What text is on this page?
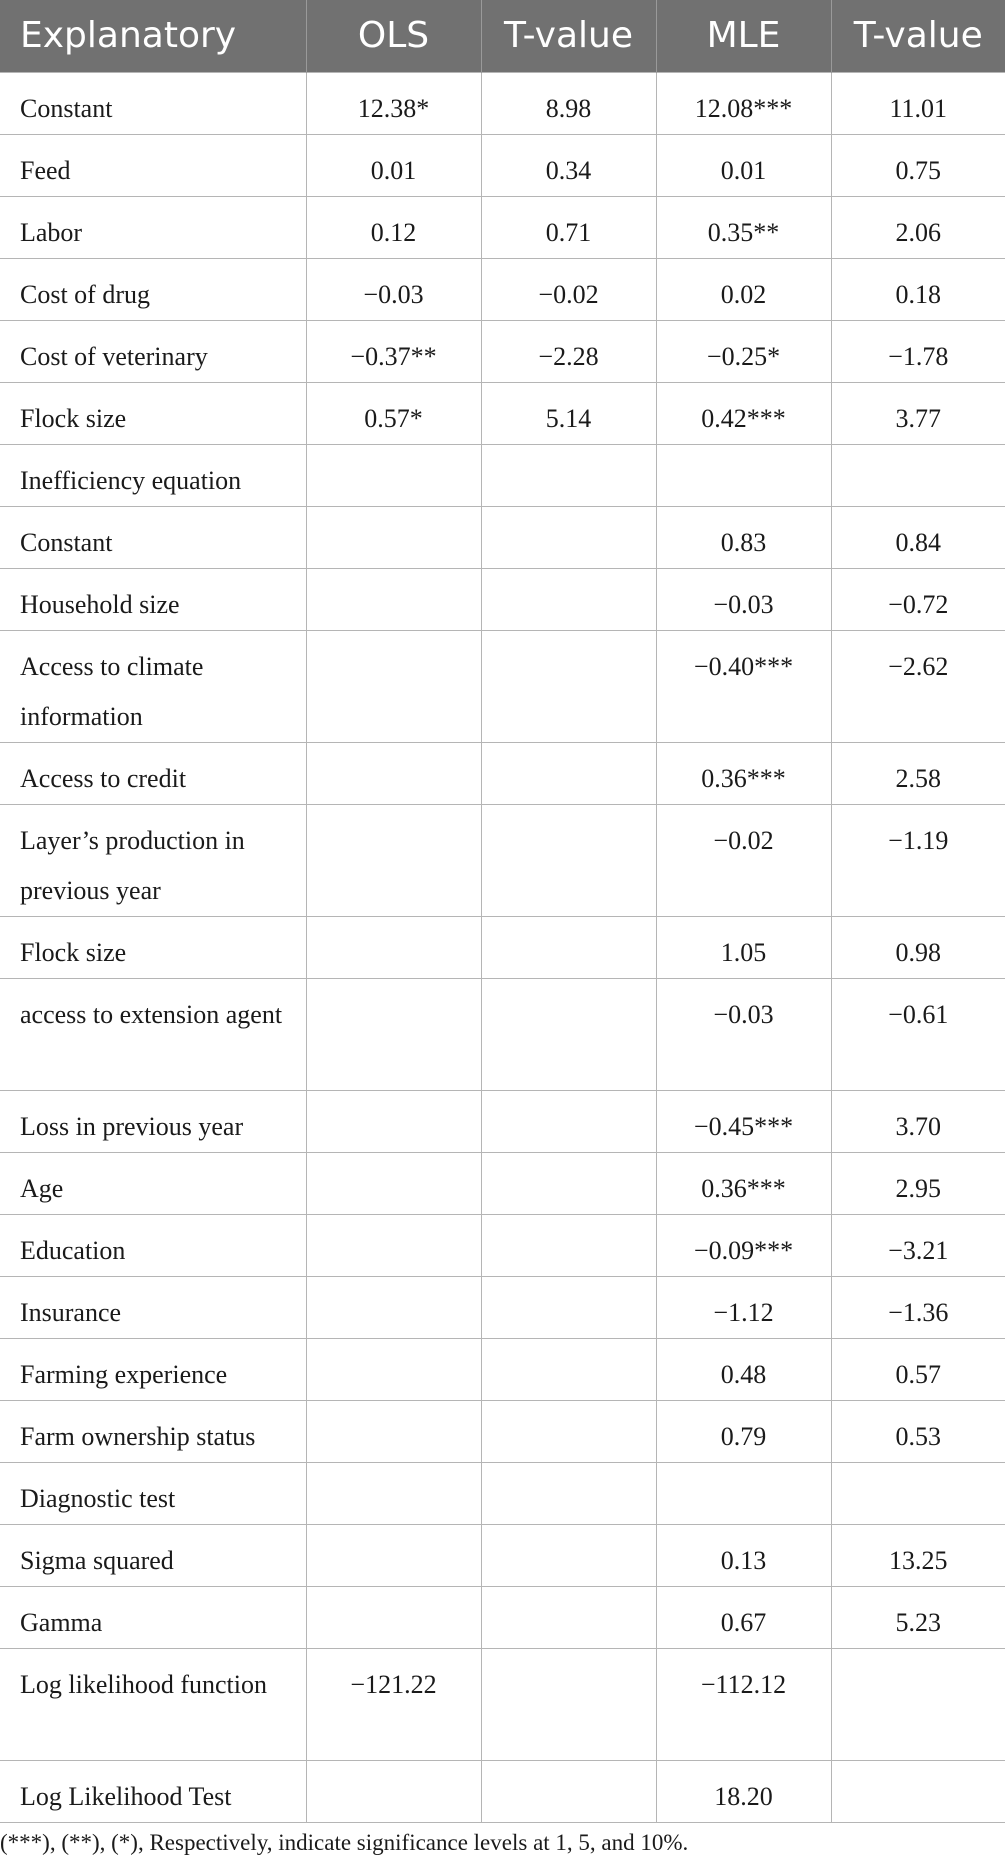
Explanatory	OLS	T-value	MLE	T-value
Constant	12.38*	8.98	12.08***	11.01
Feed	0.01	0.34	0.01	0.75
Labor	0.12	0.71	0.35**	2.06
Cost of drug	−0.03	−0.02	0.02	0.18
Cost of veterinary	−0.37**	−2.28	−0.25*	−1.78
Flock size	0.57*	5.14	0.42***	3.77
Inefficiency equation				
Constant			0.83	0.84
Household size			−0.03	−0.72
Access to climate information			−0.40***	−2.62
Access to credit			0.36***	2.58
Layer’s production in previous year			−0.02	−1.19
Flock size			1.05	0.98
access to extension agent			−0.03	−0.61
Loss in previous year			−0.45***	3.70
Age			0.36***	2.95
Education			−0.09***	−3.21
Insurance			−1.12	−1.36
Farming experience			0.48	0.57
Farm ownership status			0.79	0.53
Diagnostic test				
Sigma squared			0.13	13.25
Gamma			0.67	5.23
Log likelihood function	−121.22		−112.12	
Log Likelihood Test			18.20	
(***), (**), (*), Respectively, indicate significance levels at 1, 5, and 10%.
